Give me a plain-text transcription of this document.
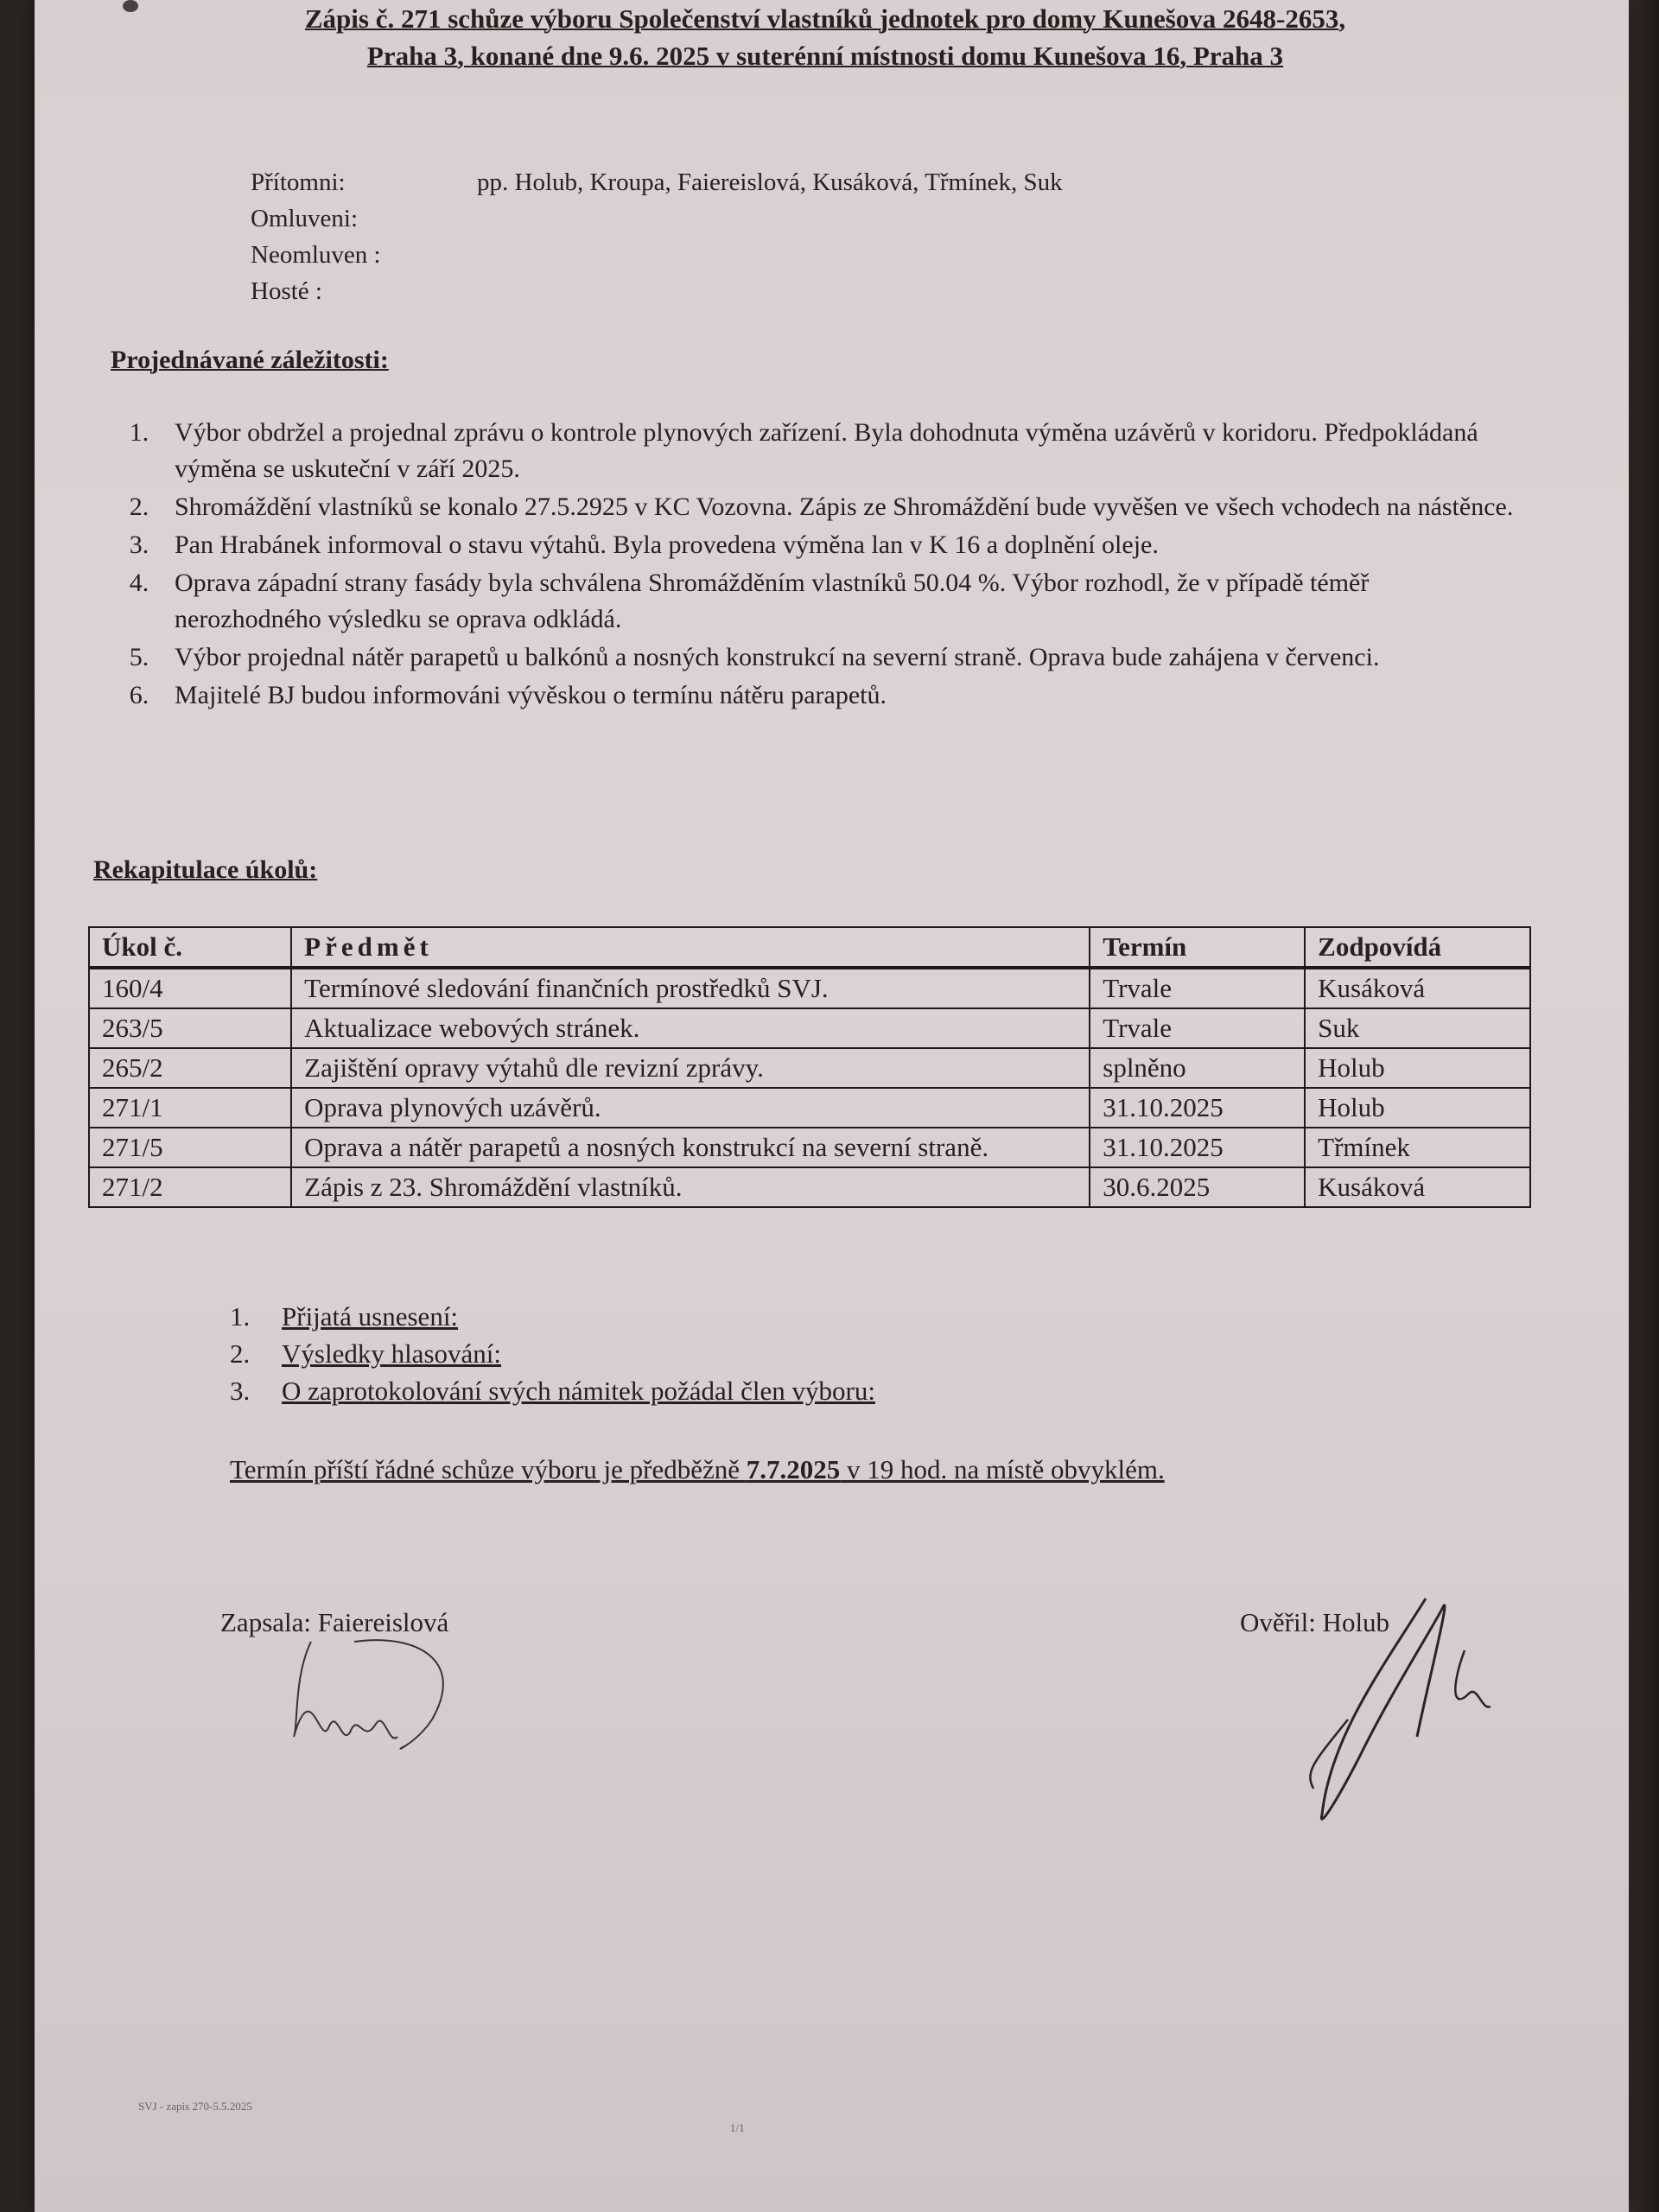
Zápis č. 271 schůze výboru Společenství vlastníků jednotek pro domy Kunešova 2648-2653,
Praha 3, konané dne 9.6. 2025 v suterénní místnosti domu Kunešova 16, Praha 3
Přítomni:	pp. Holub, Kroupa, Faiereislová, Kusáková, Třmínek, Suk
Omluveni:
Neomluven :
Hosté :
Projednávané záležitosti:
1. Výbor obdržel a projednal zprávu o kontrole plynových zařízení. Byla dohodnuta výměna uzávěrů v koridoru. Předpokládaná výměna se uskuteční v září 2025.
2. Shromáždění vlastníků se konalo 27.5.2925 v KC Vozovna. Zápis ze Shromáždění bude vyvěšen ve všech vchodech na nástěnce.
3. Pan Hrabánek informoval o stavu výtahů. Byla provedena výměna lan v K 16 a doplnění oleje.
4. Oprava západní strany fasády byla schválena Shromážděním vlastníků 50.04 %. Výbor rozhodl, že v případě téměř nerozhodného výsledku se oprava odkládá.
5. Výbor projednal nátěr parapetů u balkónů a nosných konstrukcí na severní straně. Oprava bude zahájena v červenci.
6. Majitelé BJ budou informováni vývěskou o termínu nátěru parapetů.
Rekapitulace úkolů:
Úkol č.	Předmět	Termín	Zodpovídá
160/4	Termínové sledování finančních prostředků SVJ.	Trvale	Kusáková
263/5	Aktualizace webových stránek.	Trvale	Suk
265/2	Zajištění opravy výtahů dle revizní zprávy.	splněno	Holub
271/1	Oprava plynových uzávěrů.	31.10.2025	Holub
271/5	Oprava a nátěr parapetů a nosných konstrukcí na severní straně.	31.10.2025	Třmínek
271/2	Zápis z 23. Shromáždění vlastníků.	30.6.2025	Kusáková
1.	Přijatá usnesení:
2.	Výsledky hlasování:
3.	O zaprotokolování svých námitek požádal člen výboru:
Termín příští řádné schůze výboru je předběžně 7.7.2025 v 19 hod. na místě obvyklém.
Zapsala: Faiereislová	Ověřil: Holub
SVJ - zapis 270-5.5.2025
1/1
